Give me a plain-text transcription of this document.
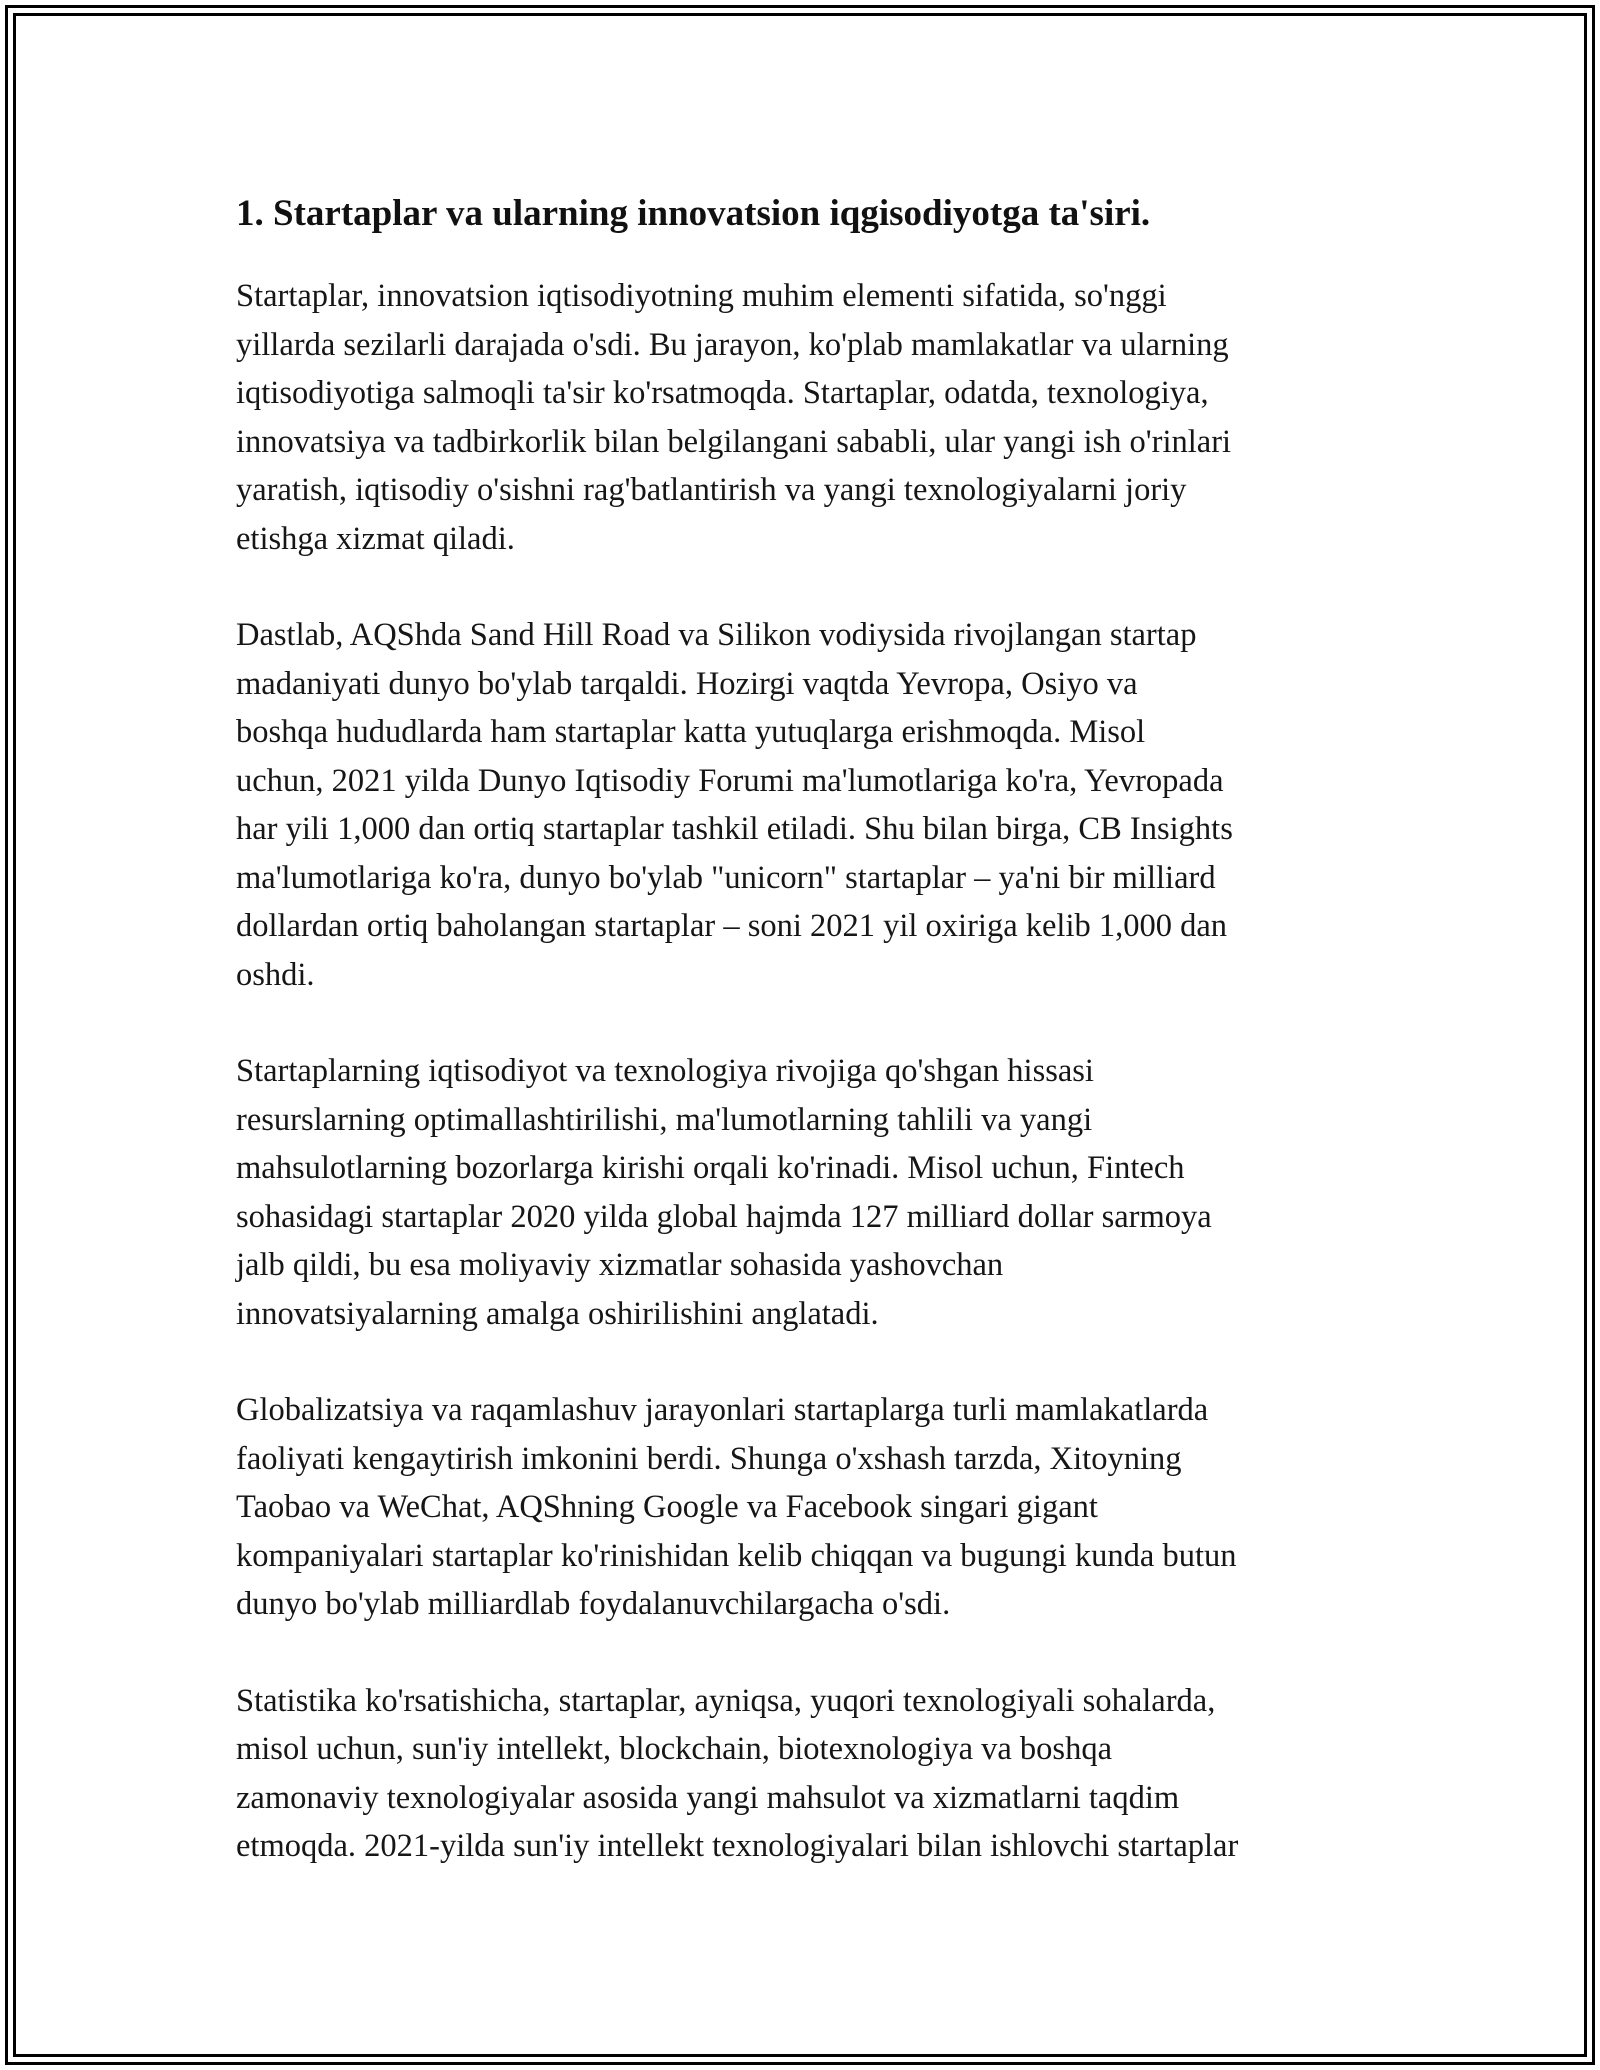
1. Startaplar va ularning innovatsion iqgisodiyotga ta'siri.

Startaplar, innovatsion iqtisodiyotning muhim elementi sifatida, so'nggi
yillarda sezilarli darajada o'sdi. Bu jarayon, ko'plab mamlakatlar va ularning
iqtisodiyotiga salmoqli ta'sir ko'rsatmoqda. Startaplar, odatda, texnologiya,
innovatsiya va tadbirkorlik bilan belgilangani sababli, ular yangi ish o'rinlari
yaratish, iqtisodiy o'sishni rag'batlantirish va yangi texnologiyalarni joriy
etishga xizmat qiladi.

Dastlab, AQShda Sand Hill Road va Silikon vodiysida rivojlangan startap
madaniyati dunyo bo'ylab tarqaldi. Hozirgi vaqtda Yevropa, Osiyo va
boshqa hududlarda ham startaplar katta yutuqlarga erishmoqda. Misol
uchun, 2021 yilda Dunyo Iqtisodiy Forumi ma'lumotlariga ko'ra, Yevropada
har yili 1,000 dan ortiq startaplar tashkil etiladi. Shu bilan birga, CB Insights
ma'lumotlariga ko'ra, dunyo bo'ylab "unicorn" startaplar – ya'ni bir milliard
dollardan ortiq baholangan startaplar – soni 2021 yil oxiriga kelib 1,000 dan
oshdi.

Startaplarning iqtisodiyot va texnologiya rivojiga qo'shgan hissasi
resurslarning optimallashtirilishi, ma'lumotlarning tahlili va yangi
mahsulotlarning bozorlarga kirishi orqali ko'rinadi. Misol uchun, Fintech
sohasidagi startaplar 2020 yilda global hajmda 127 milliard dollar sarmoya
jalb qildi, bu esa moliyaviy xizmatlar sohasida yashovchan
innovatsiyalarning amalga oshirilishini anglatadi.

Globalizatsiya va raqamlashuv jarayonlari startaplarga turli mamlakatlarda
faoliyati kengaytirish imkonini berdi. Shunga o'xshash tarzda, Xitoyning
Taobao va WeChat, AQShning Google va Facebook singari gigant
kompaniyalari startaplar ko'rinishidan kelib chiqqan va bugungi kunda butun
dunyo bo'ylab milliardlab foydalanuvchilargacha o'sdi.

Statistika ko'rsatishicha, startaplar, ayniqsa, yuqori texnologiyali sohalarda,
misol uchun, sun'iy intellekt, blockchain, biotexnologiya va boshqa
zamonaviy texnologiyalar asosida yangi mahsulot va xizmatlarni taqdim
etmoqda. 2021-yilda sun'iy intellekt texnologiyalari bilan ishlovchi startaplar
